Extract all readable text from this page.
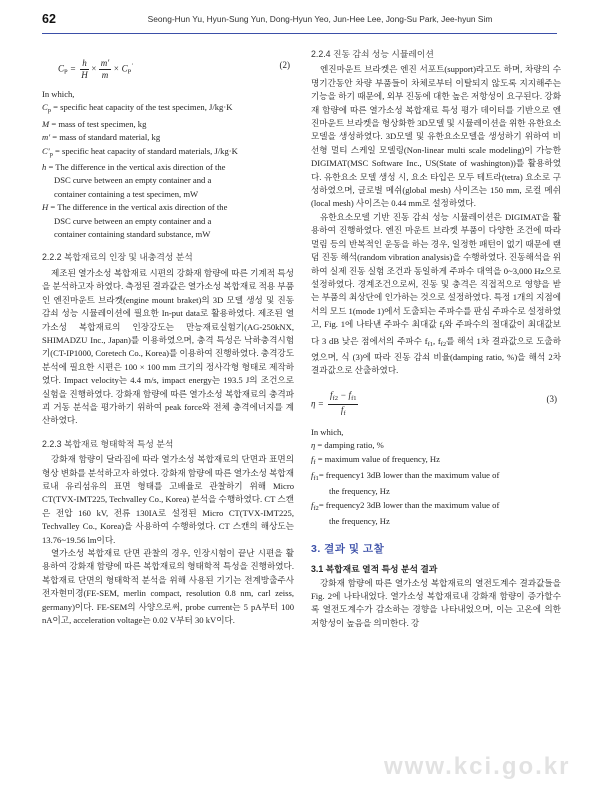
62	Seong-Hun Yu, Hyun-Sung Yun, Dong-Hyun Yeo, Jun-Hee Lee, Jong-Su Park, Jee-hyun Sim
$C_P = \frac{h}{H} \times \frac{m'}{m} \times C_P'$	(2)

In which,

$C_p$ = specific heat capacity of the test specimen, J/kg·K

M = mass of test specimen, kg

m' = mass of standard material, kg

$C'_p$ = specific heat capacity of standard materials, J/kg·K

h = The difference in the vertical axis direction of the
DSC curve between an empty container and a
container containing a test specimen, mW

H = The difference in the vertical axis direction of the
DSC curve between an empty container and a
container containing standard substance, mW

2.2.2 복합재료의 인장 및 내충격성 분석

제조된 열가소성 복합재료 시편의 강화재 함량에 따른 기계적 특성을 분석하고자 하였다. 측정된 결과값은 열가소성 복합재료 적용 부품인 엔진마운트 브라켓(engine mount braket)의 3D 모델 생성 및 진동 감쇠 성능 시뮬레이션에 필요한 In-put data로 활용하였다. 제조된 열가소성 복합재료의 인장강도는 만능재료실험기(AG-250kNX, SHIMADZU Inc., Japan)를 이용하였으며, 충격 특성은 낙하충격시험기(CT-IP1000, Coretech Co., Korea)를 이용하여 진행하였다. 충격강도 분석에 필요한 시편은 100 × 100 mm 크기의 정사각형 형태로 제작하였다. Impact velocity는 4.4 m/s, impact energy는 193.5 J의 조건으로 실험을 진행하였다. 강화재 함량에 따른 열가소성 복합재료의 충격파괴 거동 분석을 평가하기 위하여 peak force와 전체 충격에너지를 계산하였다.

2.2.3 복합재료 형태학적 특성 분석

강화재 함량이 달라짐에 따라 열가소성 복합재료의 단면과 표면의 형상 변화를 분석하고자 하였다. 강화재 함량에 따른 열가소성 복합재료내 유리섬유의 표면 형태를 고배율로 관찰하기 위해 Micro CT(TVX-IMT225, Techvalley Co., Korea) 분석을 수행하였다. CT 스캔은 전압 160 kV, 전류 130IA로 설정된 Micro CT(TVX-IMT225, Techvalley Co., Korea)을 사용하여 수행하였다. CT 스캔의 해상도는 13.76~19.56 lm이다.

열가소성 복합재료 단면 관찰의 경우, 인장시험이 끝난 시편을 활용하여 강화재 함량에 따른 복합재료의 형태학적 특성을 진행하였다. 복합재료 단면의 형태학적 분석을 위해 사용된 기기는 전계방출주사전자현미경(FE-SEM, merlin compact, resolution 0.8 nm, carl zeiss, germany)이다. FE-SEM의 사양으로써, probe current는 5 pA부터 100 nA이고, acceleration voltage는 0.02 V부터 30 kV이다.

2.2.4 진동 감쇠 성능 시뮬레이션

엔진마운트 브라켓은 엔진 서포트(support)라고도 하며, 차량의 수명기간동안 차량 부품들이 차체로부터 이탈되지 않도록 지지해주는 기능을 하기 때문에, 외부 진동에 대한 높은 저항성이 요구된다. 강화재 함량에 따른 열가소성 복합재료 특성 평가 데이터를 기반으로 엔진마운트 브라켓을 형상화한 3D모델 및 시뮬레이션을 위한 유한요소모델을 생성하였다. 3D모델 및 유한요소모델을 생성하기 위하여 비선형 멀티 스케일 모델링(Non-linear multi scale modeling)이 가능한 DIGIMAT(MSC Software Inc., US(State of washington))를 활용하였다. 유한요소 모델 생성 시, 요소 타입은 모두 테트라(tetra) 요소로 구성하였으며, 글로벌 메쉬(global mesh) 사이즈는 150 mm, 로컬 메쉬(local mesh) 사이즈는 0.44 mm로 설정하였다.

유한요소모델 기반 진동 감쇠 성능 시뮬레이션은 DIGIMAT을 활용하여 진행하였다. 엔진 마운트 브라켓 부품이 다양한 조건에 따라 멀림 등의 반복적인 운동을 하는 경우, 일정한 패턴이 없기 때문에 랜덤 진동 해석(random vibration analysis)을 수행하였다. 진동해석을 위하여 실제 진동 실험 조건과 동일하게 주파수 대역을 0~3,000 Hz으로 설정하였다. 경계조건으로써, 진동 및 충격은 직접적으로 영향을 받는 부품의 최상단에 인가하는 것으로 설정하였다. 특정 1개의 지점에서의 모드 1(mode 1)에서 도출되는 주파수를 판심 주파수로 설정하였고, Fig. 1에 나타낸 주파수 최대값 $f_f$와 주파수의 절대값이 최대값보다 3 dB 낮은 점에서의 주파수 $f_{f1}$, $f_{f2}$를 해석 1차 결과값으로 도출하였으며, 식 (3)에 따라 진동 감쇠 비율(damping ratio, %)을 해석 2차 결과값으로 산출하였다.

$\eta = \frac{f_{f2} - f_{f1}}{f_f}$	(3)

In which,

η = damping ratio, %

$f_f$ = maximum value of frequency, Hz

$f_{f1}=$ frequency1 3dB lower than the maximum value of
the frequency, Hz

$f_{f2}=$ frequency2 3dB lower than the maximum value of
the frequency, Hz

3. 결과 및 고찰
3.1 복합재료 열적 특성 분석 결과

강화재 함량에 따른 열가소성 복합재료의 열전도계수 결과값들을 Fig. 2에 나타내었다. 열가소성 복합재료내 강화재 함량이 증가할수록 열전도계수가 감소하는 경향을 나타내었으며, 이는 고온에 의한 저항성이 높음을 의미한다. 강

www.kci.go.kr
